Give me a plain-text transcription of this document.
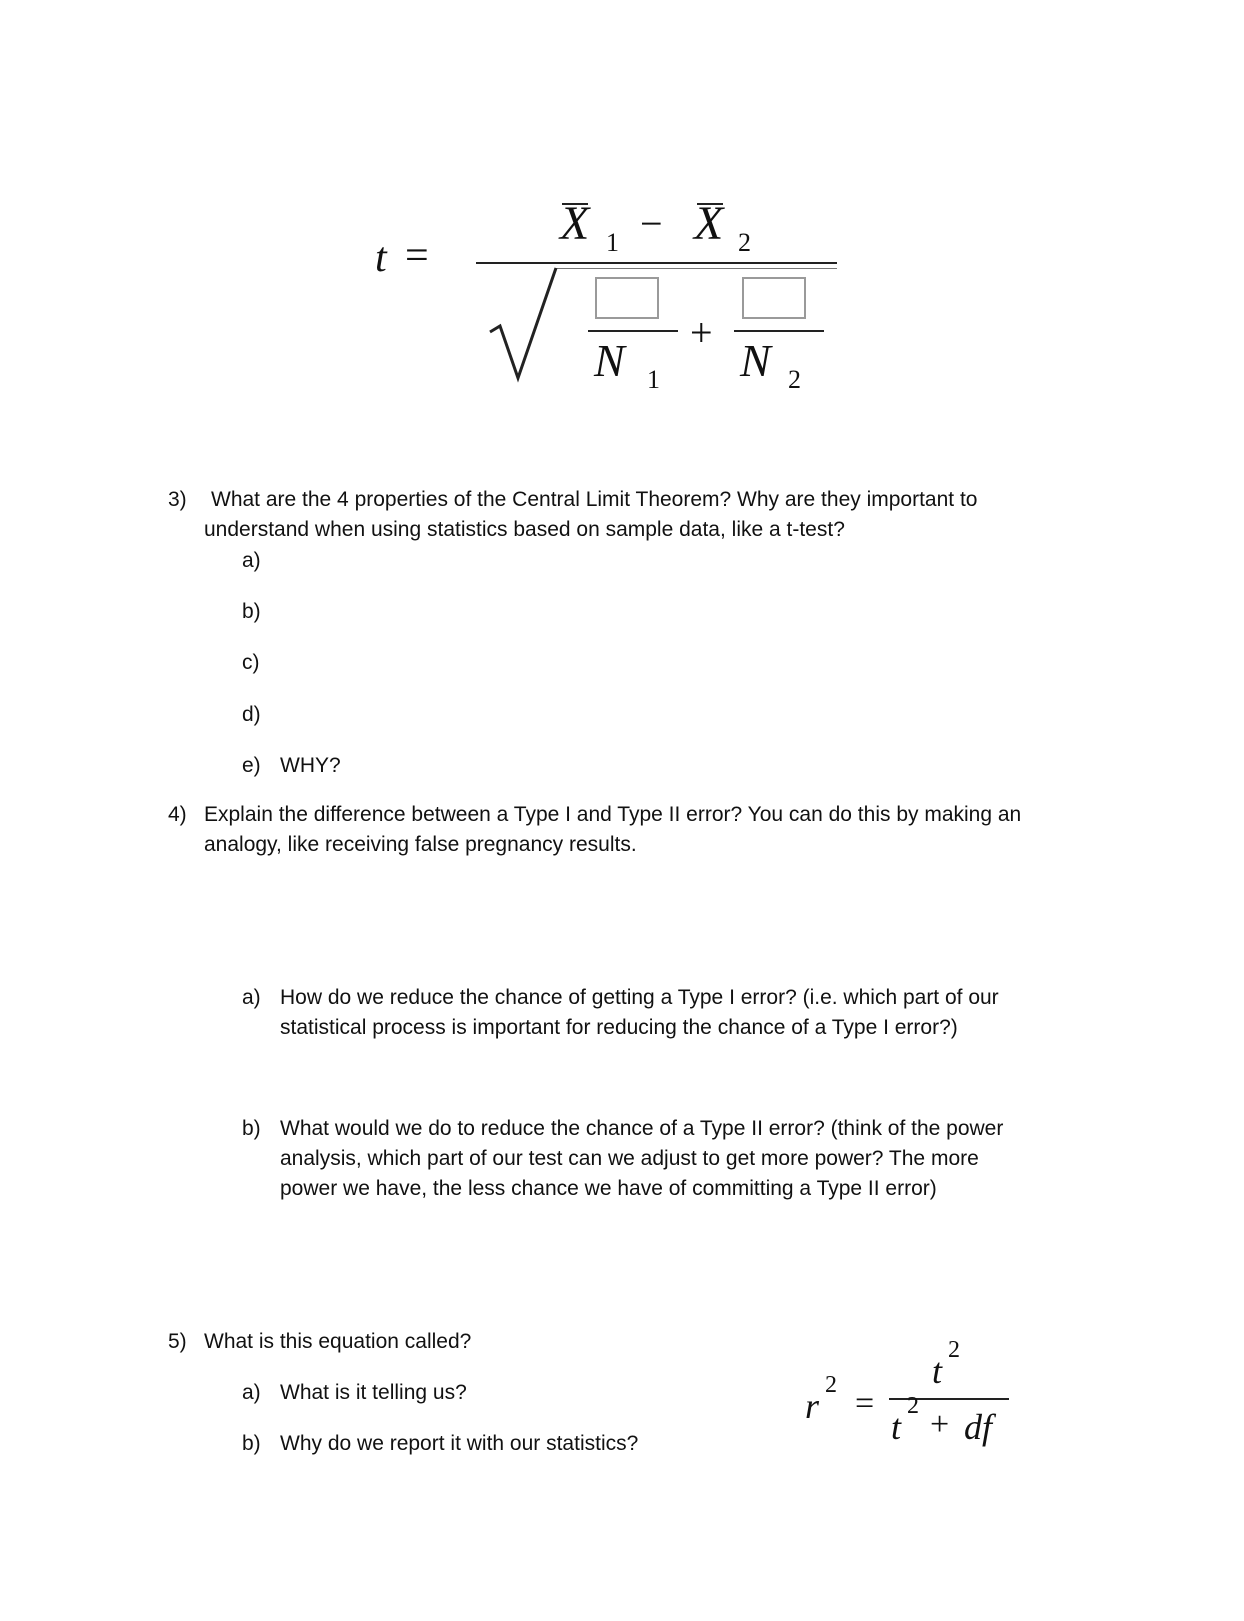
t =
X 1 − X 2
N 1
+
N 2
3) What are the 4 properties of the Central Limit Theorem? Why are they important to
understand when using statistics based on sample data, like a t-test?
a)
b)
c)
d)
e) WHY?
4) Explain the difference between a Type I and Type II error? You can do this by making an
analogy, like receiving false pregnancy results.
a) How do we reduce the chance of getting a Type I error? (i.e. which part of our
statistical process is important for reducing the chance of a Type I error?)
b) What would we do to reduce the chance of a Type II error? (think of the power
analysis, which part of our test can we adjust to get more power? The more
power we have, the less chance we have of committing a Type II error)
5) What is this equation called?
a) What is it telling us?
b) Why do we report it with our statistics?
r
2 =
t
2
t
2 + df
